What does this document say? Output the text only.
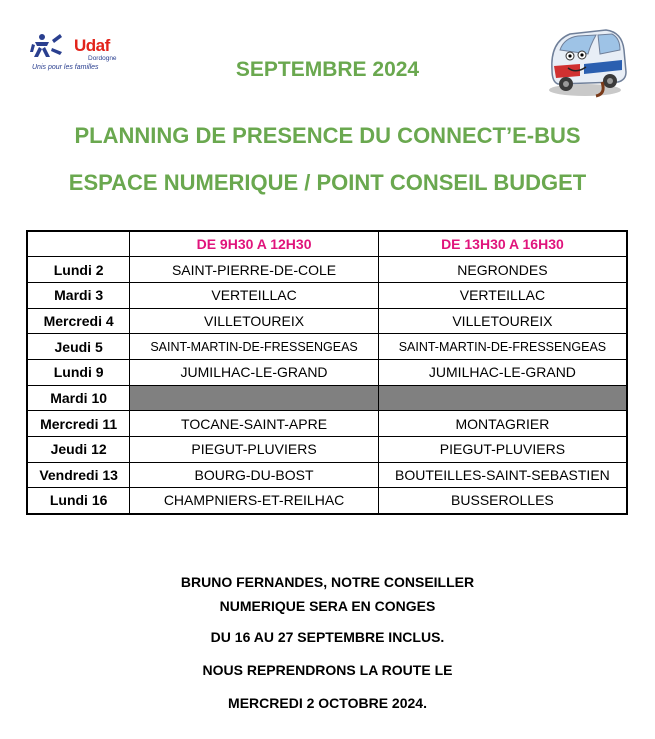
Udaf
Dordogne
Unis pour les familles	SEPTEMBRE 2024
PLANNING DE PRESENCE DU CONNECT’E-BUS
ESPACE NUMERIQUE / POINT CONSEIL BUDGET
	DE 9H30 A 12H30	DE 13H30 A 16H30
Lundi 2	SAINT-PIERRE-DE-COLE	NEGRONDES
Mardi 3	VERTEILLAC	VERTEILLAC
Mercredi 4	VILLETOUREIX	VILLETOUREIX
Jeudi 5	SAINT-MARTIN-DE-FRESSENGEAS	SAINT-MARTIN-DE-FRESSENGEAS
Lundi 9	JUMILHAC-LE-GRAND	JUMILHAC-LE-GRAND
Mardi 10		
Mercredi 11	TOCANE-SAINT-APRE	MONTAGRIER
Jeudi 12	PIEGUT-PLUVIERS	PIEGUT-PLUVIERS
Vendredi 13	BOURG-DU-BOST	BOUTEILLES-SAINT-SEBASTIEN
Lundi 16	CHAMPNIERS-ET-REILHAC	BUSSEROLLES
BRUNO FERNANDES, NOTRE CONSEILLER
NUMERIQUE SERA EN CONGES
DU 16 AU 27 SEPTEMBRE INCLUS.
NOUS REPRENDRONS LA ROUTE LE
MERCREDI 2 OCTOBRE 2024.
